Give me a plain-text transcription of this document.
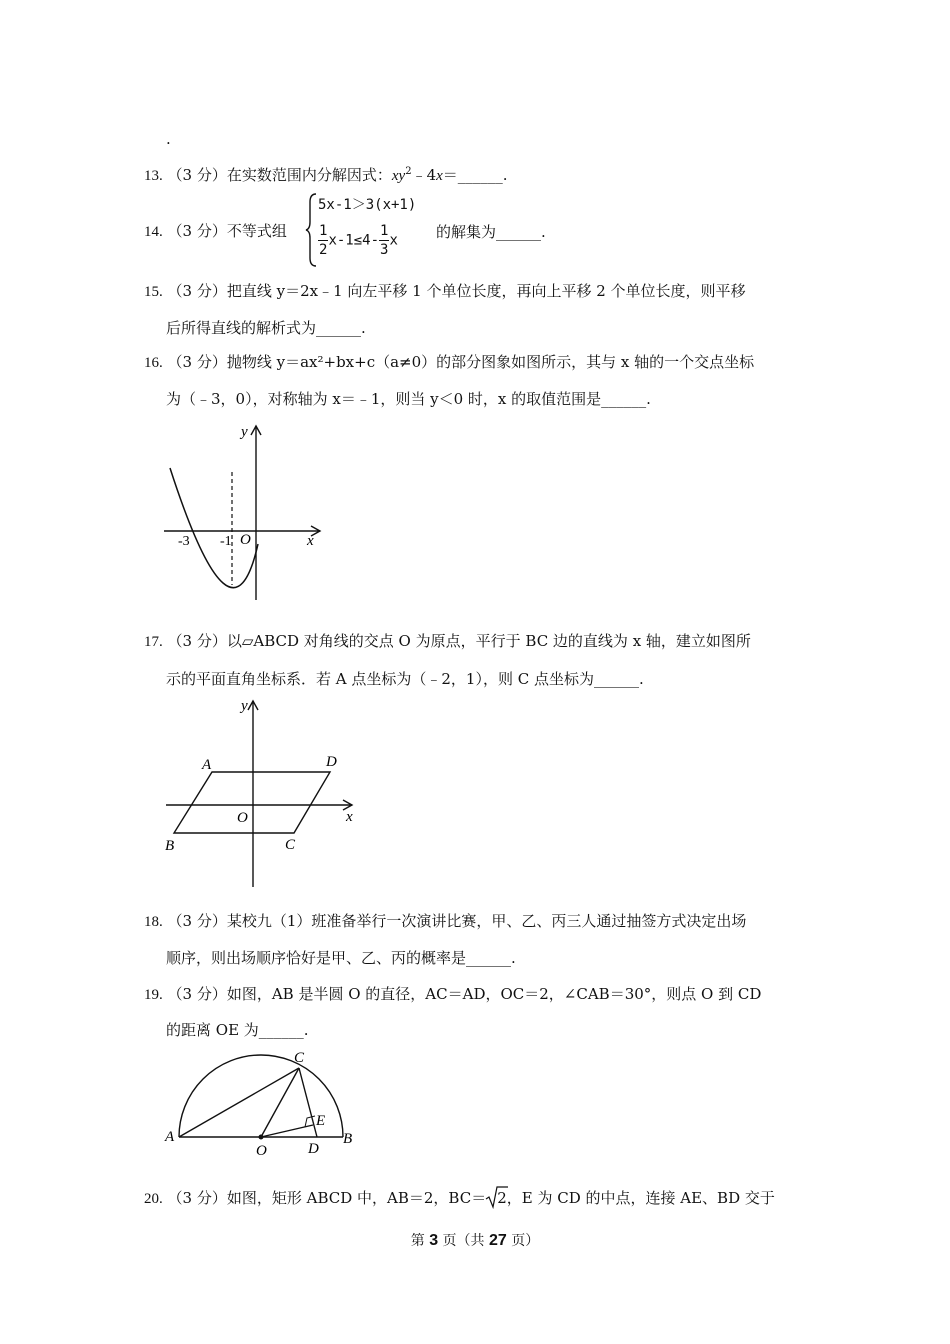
.
13. （3 分）在实数范围内分解因式：$xy^2﹣4x=\_\_\_\_\_\_$.
14. （3 分）不等式组
5x-1＞3(x+1)
$\frac{1}{2} x-1\le 4- \frac{1}{3}$ x	的解集为______.
15. （3 分）把直线 y＝2x﹣1 向左平移 1 个单位长度，再向上平移 2 个单位长度，则平移
后所得直线的解析式为______.
16. （3 分）抛物线 y＝ax²+bx+c（a≠0）的部分图象如图所示，其与 x 轴的一个交点坐标
为（﹣3，0），对称轴为 x＝﹣1，则当 y＜0 时，x 的取值范围是______.
y
x
O
-3 -1
17. （3 分）以▱ABCD 对角线的交点 O 为原点，平行于 BC 边的直线为 x 轴，建立如图所
示的平面直角坐标系．若 A 点坐标为（﹣2，1），则 C 点坐标为______.
y
x
O
A	D
B	C
18. （3 分）某校九（1）班准备举行一次演讲比赛，甲、乙、丙三人通过抽签方式决定出场
顺序，则出场顺序恰好是甲、乙、丙的概率是______.
19. （3 分）如图，AB 是半圆 O 的直径，AC＝AD，OC＝2，∠CAB＝30°，则点 O 到 CD
的距离 OE 为______.
A	B
C
D
E
O
20. （3 分）如图，矩形 ABCD 中，AB＝2，BC＝ 2，E 为 CD 的中点，连接 AE、BD 交于
第 3 页（共 27 页）
